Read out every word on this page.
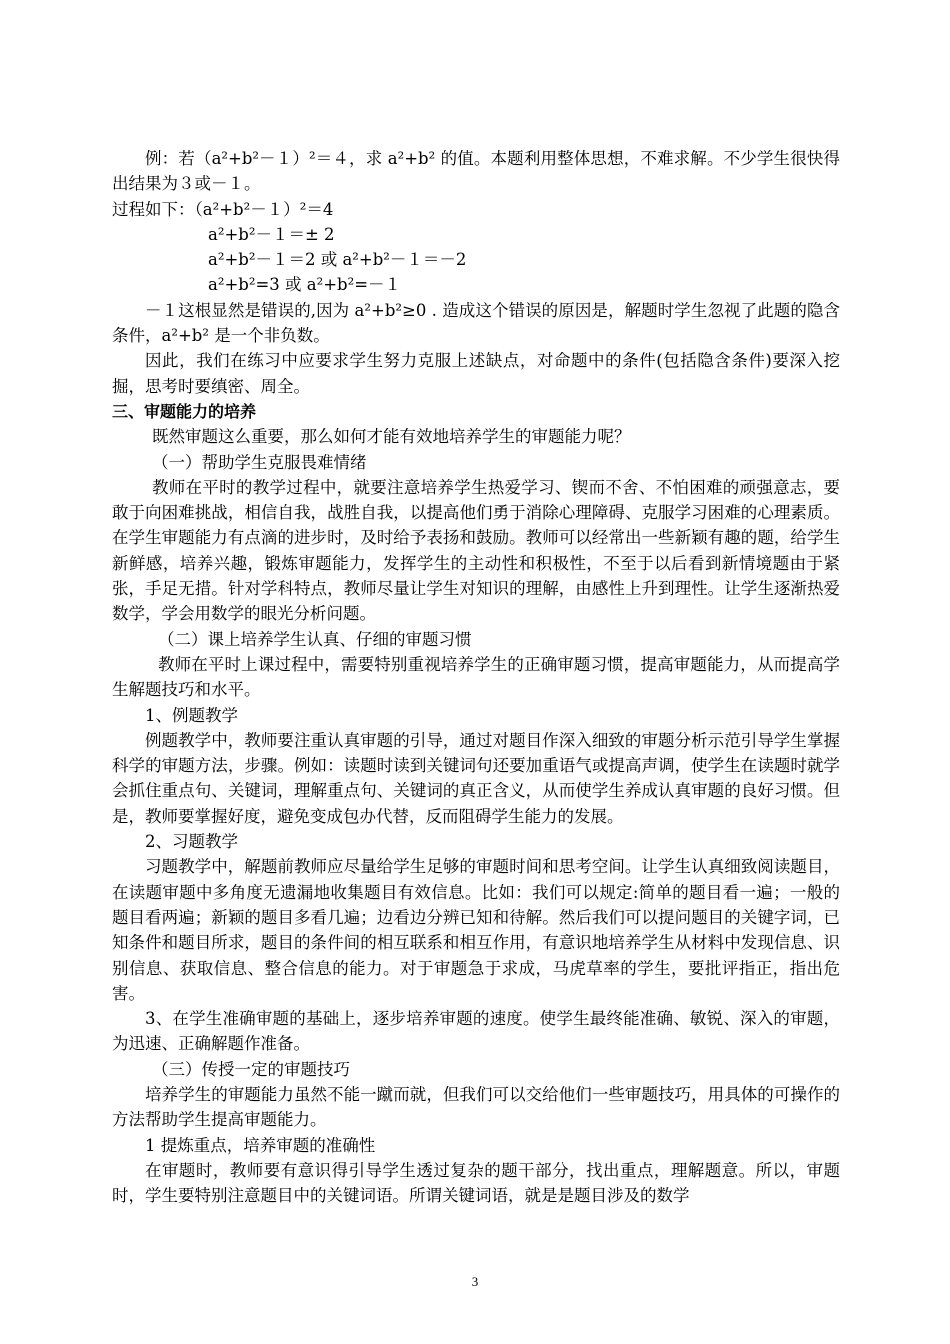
例：若（a²+b²－１）²＝４，求 a²+b² 的值。本题利用整体思想，不难求解。不少学生很快得出结果为３或－１。

过程如下：（a²+b²－１）²＝4

a²+b²－１＝± 2

a²+b²－１＝2 或 a²+b²－１＝－2

a²+b²=3 或 a²+b²=－１

－１这根显然是错误的,因为 a²+b²≥0 . 造成这个错误的原因是，解题时学生忽视了此题的隐含条件，a²+b² 是一个非负数。

因此，我们在练习中应要求学生努力克服上述缺点，对命题中的条件(包括隐含条件)要深入挖掘，思考时要缜密、周全。

三、审题能力的培养

既然审题这么重要，那么如何才能有效地培养学生的审题能力呢？

（一）帮助学生克服畏难情绪

教师在平时的教学过程中，就要注意培养学生热爱学习、锲而不舍、不怕困难的顽强意志，要敢于向困难挑战，相信自我，战胜自我，以提高他们勇于消除心理障碍、克服学习困难的心理素质。在学生审题能力有点滴的进步时，及时给予表扬和鼓励。教师可以经常出一些新颖有趣的题，给学生新鲜感，培养兴趣，锻炼审题能力，发挥学生的主动性和积极性，不至于以后看到新情境题由于紧张，手足无措。针对学科特点，教师尽量让学生对知识的理解，由感性上升到理性。让学生逐渐热爱数学，学会用数学的眼光分析问题。

（二）课上培养学生认真、仔细的审题习惯

教师在平时上课过程中，需要特别重视培养学生的正确审题习惯，提高审题能力，从而提高学生解题技巧和水平。

1、例题教学

例题教学中，教师要注重认真审题的引导，通过对题目作深入细致的审题分析示范引导学生掌握科学的审题方法，步骤。例如：读题时读到关键词句还要加重语气或提高声调，使学生在读题时就学会抓住重点句、关键词，理解重点句、关键词的真正含义，从而使学生养成认真审题的良好习惯。但是，教师要掌握好度，避免变成包办代替，反而阻碍学生能力的发展。

2、习题教学

习题教学中，解题前教师应尽量给学生足够的审题时间和思考空间。让学生认真细致阅读题目，在读题审题中多角度无遗漏地收集题目有效信息。比如：我们可以规定:简单的题目看一遍；一般的题目看两遍；新颖的题目多看几遍；边看边分辨已知和待解。然后我们可以提问题目的关键字词，已知条件和题目所求，题目的条件间的相互联系和相互作用，有意识地培养学生从材料中发现信息、识别信息、获取信息、整合信息的能力。对于审题急于求成，马虎草率的学生，要批评指正，指出危害。

3、在学生准确审题的基础上，逐步培养审题的速度。使学生最终能准确、敏锐、深入的审题，为迅速、正确解题作准备。

（三）传授一定的审题技巧

培养学生的审题能力虽然不能一蹴而就，但我们可以交给他们一些审题技巧，用具体的可操作的方法帮助学生提高审题能力。

1 提炼重点，培养审题的准确性

在审题时，教师要有意识得引导学生透过复杂的题干部分，找出重点，理解题意。所以，审题时，学生要特别注意题目中的关键词语。所谓关键词语，就是是题目涉及的数学

3
